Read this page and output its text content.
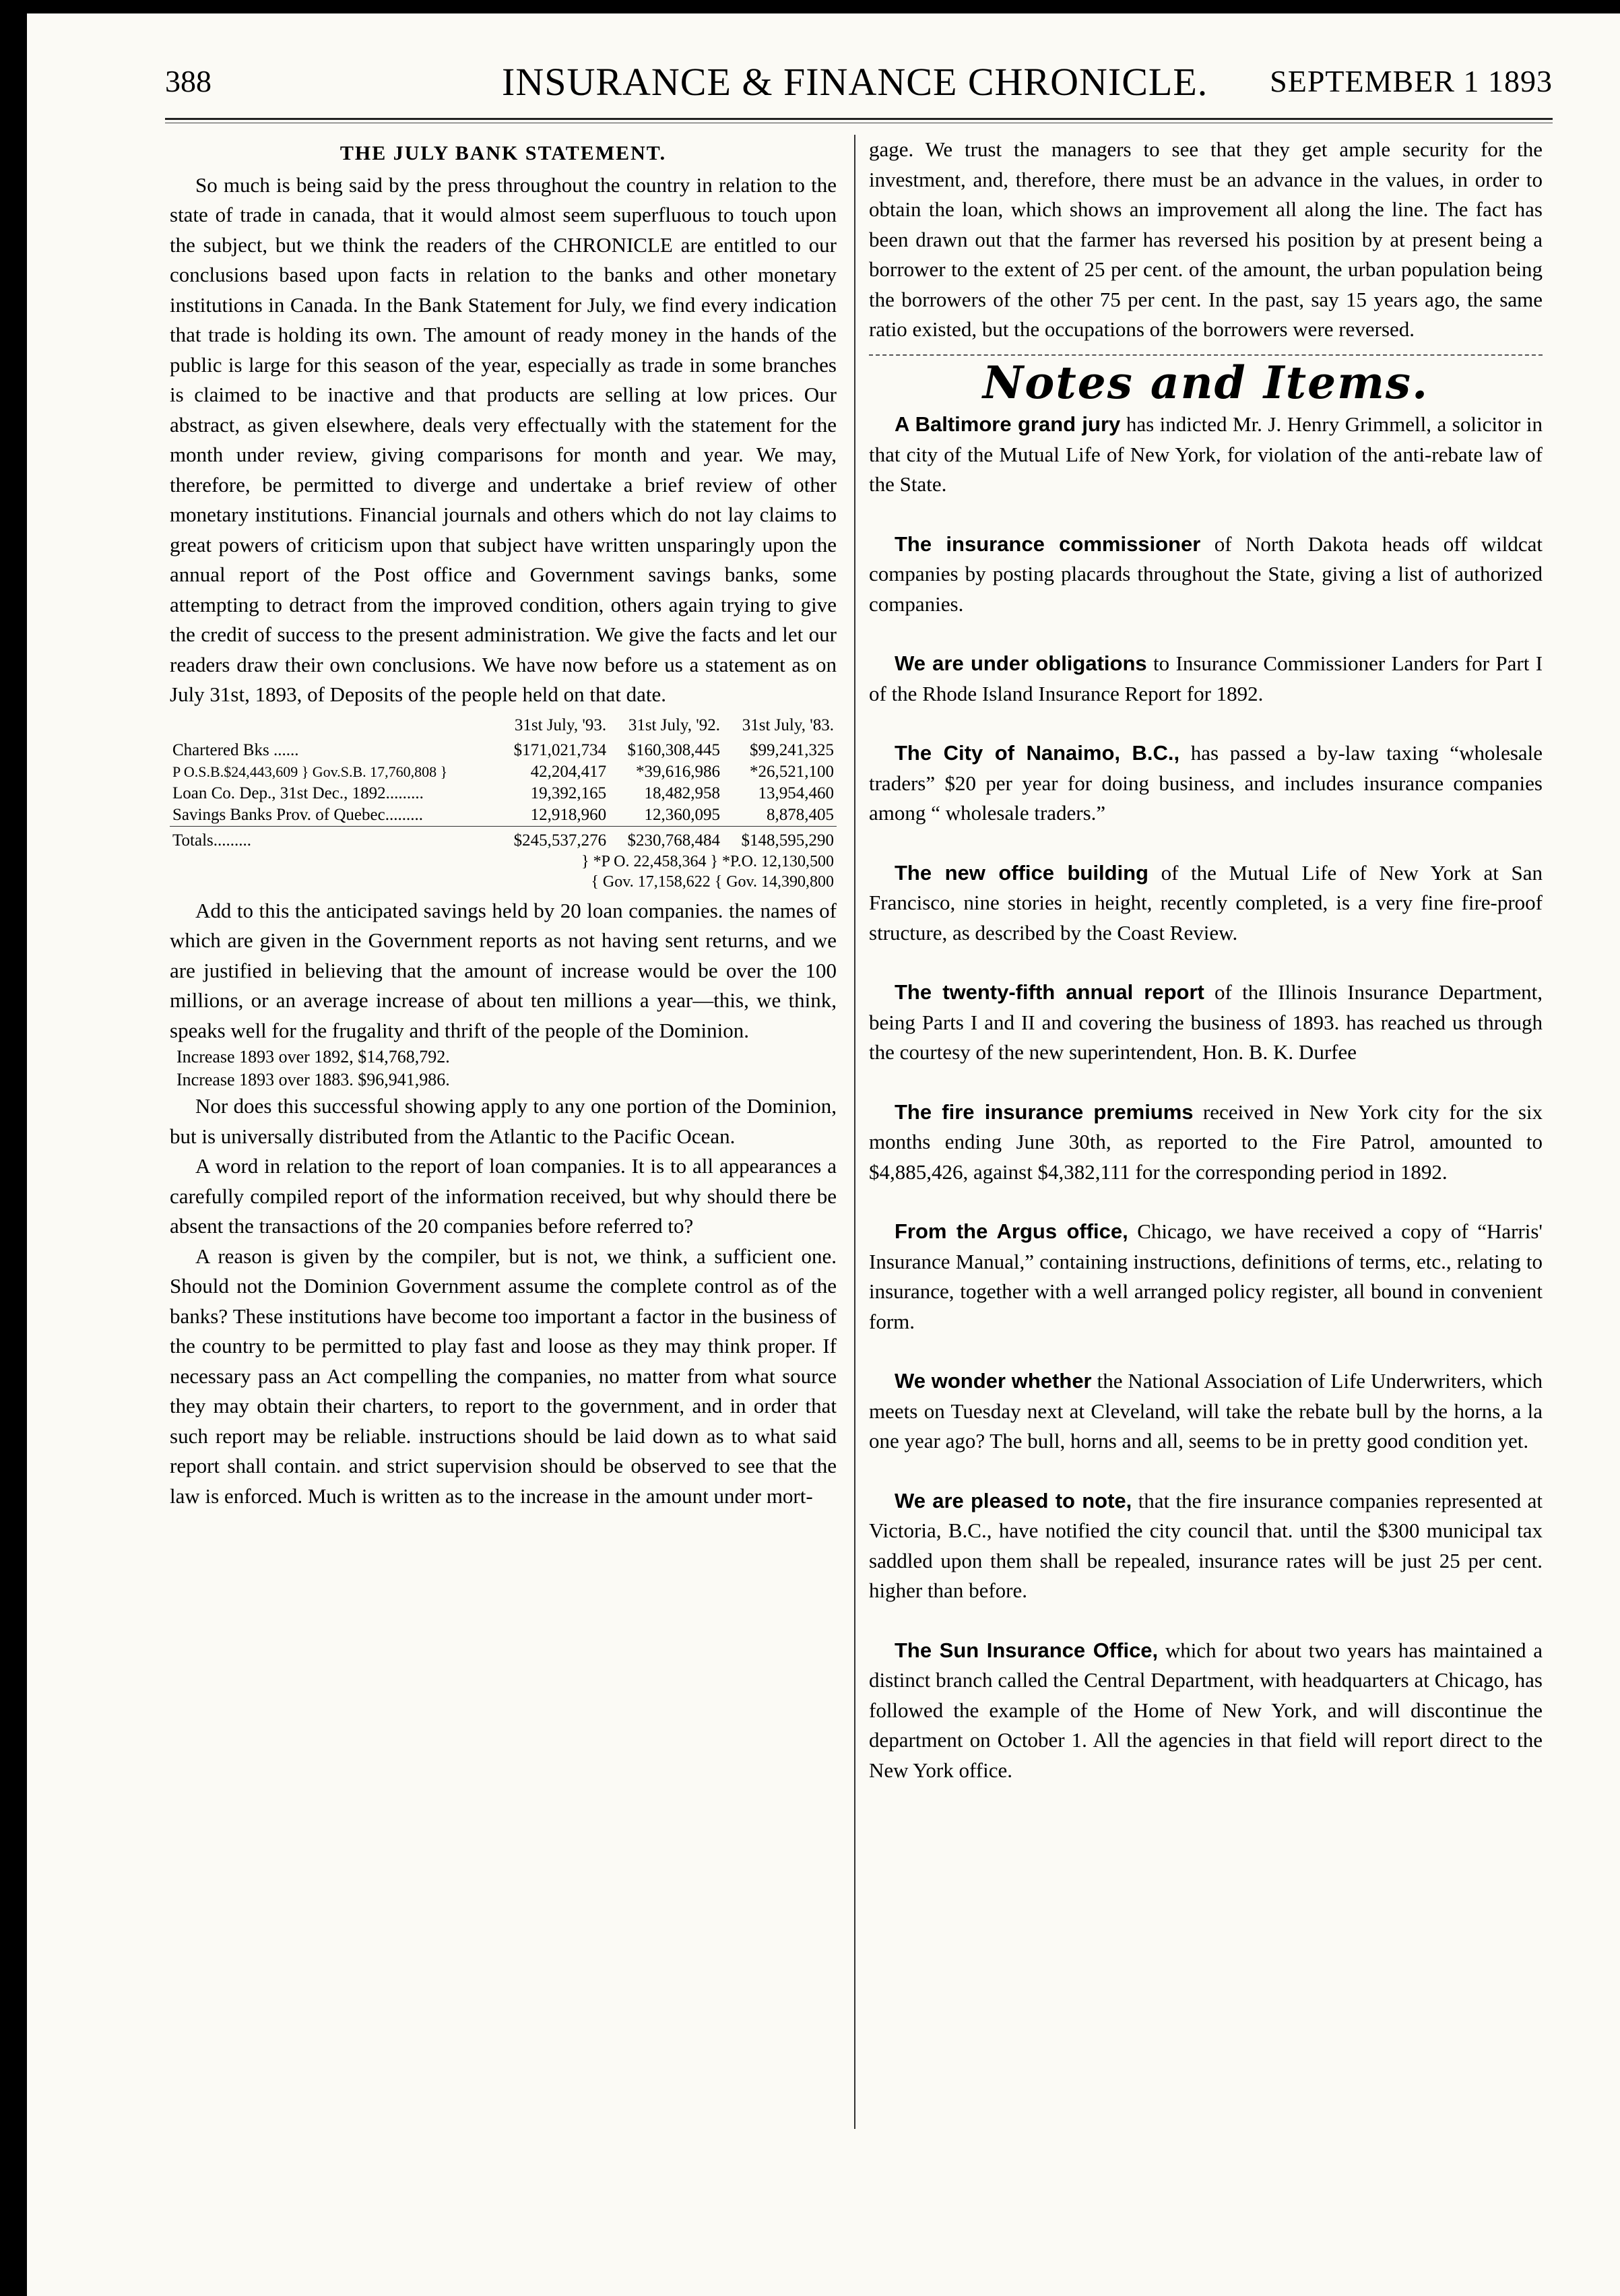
388	INSURANCE & FINANCE CHRONICLE. SEPTEMBER 1 1893
THE JULY BANK STATEMENT.

So much is being said by the press throughout the country in relation to the state of trade in canada, that it would almost seem superfluous to touch upon the subject, but we think the readers of the CHRONICLE are entitled to our conclusions based upon facts in relation to the banks and other monetary institutions in Canada. In the Bank Statement for July, we find every indication that trade is holding its own. The amount of ready money in the hands of the public is large for this season of the year, especially as trade in some branches is claimed to be inactive and that products are selling at low prices. Our abstract, as given elsewhere, deals very effectually with the statement for the month under review, giving comparisons for month and year. We may, therefore, be permitted to diverge and undertake a brief review of other monetary institutions. Financial journals and others which do not lay claims to great powers of criticism upon that subject have written unsparingly upon the annual report of the Post office and Government savings banks, some attempting to detract from the improved condition, others again trying to give the credit of success to the present administration. We give the facts and let our readers draw their own conclusions. We have now before us a statement as on July 31st, 1893, of Deposits of the people held on that date.

	31st July, '93.	31st July, '92.	31st July, '83.
Chartered Bks ......	$171,021,734	$160,308,445	$99,241,325
P O.S.B.$24,443,609 } Gov.S.B. 17,760,808 }	42,204,417	*39,616,986	*26,521,100
Loan Co. Dep., 31st Dec., 1892.........	19,392,165	18,482,958	13,954,460
Savings Banks Prov. of Quebec.........	12,918,960	12,360,095	8,878,405
Totals.........	$245,537,276	$230,768,484	$148,595,290
	} *P O. 22,458,364 } *P.O. 12,130,500		
	{ Gov. 17,158,622 { Gov. 14,390,800		

Add to this the anticipated savings held by 20 loan companies. the names of which are given in the Government reports as not having sent returns, and we are justified in believing that the amount of increase would be over the 100 millions, or an average increase of about ten millions a year—this, we think, speaks well for the frugality and thrift of the people of the Dominion.

Increase 1893 over 1892, $14,768,792.
Increase 1893 over 1883. $96,941,986.

Nor does this successful showing apply to any one portion of the Dominion, but is universally distributed from the Atlantic to the Pacific Ocean.

A word in relation to the report of loan companies. It is to all appearances a carefully compiled report of the information received, but why should there be absent the transactions of the 20 companies before referred to?

A reason is given by the compiler, but is not, we think, a sufficient one. Should not the Dominion Government assume the complete control as of the banks? These institutions have become too important a factor in the business of the country to be permitted to play fast and loose as they may think proper. If necessary pass an Act compelling the companies, no matter from what source they may obtain their charters, to report to the government, and in order that such report may be reliable. instructions should be laid down as to what said report shall contain. and strict supervision should be observed to see that the law is enforced. Much is written as to the increase in the amount under mort-

gage. We trust the managers to see that they get ample security for the investment, and, therefore, there must be an advance in the values, in order to obtain the loan, which shows an improvement all along the line. The fact has been drawn out that the farmer has reversed his position by at present being a borrower to the extent of 25 per cent. of the amount, the urban population being the borrowers of the other 75 per cent. In the past, say 15 years ago, the same ratio existed, but the occupations of the borrowers were reversed.

Notes and Items.

A Baltimore grand jury has indicted Mr. J. Henry Grimmell, a solicitor in that city of the Mutual Life of New York, for violation of the anti-rebate law of the State.

The insurance commissioner of North Dakota heads off wildcat companies by posting placards throughout the State, giving a list of authorized companies.

We are under obligations to Insurance Commissioner Landers for Part I of the Rhode Island Insurance Report for 1892.

The City of Nanaimo, B.C., has passed a by-law taxing “wholesale traders” $20 per year for doing business, and includes insurance companies among “ wholesale traders.”

The new office building of the Mutual Life of New York at San Francisco, nine stories in height, recently completed, is a very fine fire-proof structure, as described by the Coast Review.

The twenty-fifth annual report of the Illinois Insurance Department, being Parts I and II and covering the business of 1893. has reached us through the courtesy of the new superintendent, Hon. B. K. Durfee

The fire insurance premiums received in New York city for the six months ending June 30th, as reported to the Fire Patrol, amounted to $4,885,426, against $4,382,111 for the corresponding period in 1892.

From the Argus office, Chicago, we have received a copy of “Harris' Insurance Manual,” containing instructions, definitions of terms, etc., relating to insurance, together with a well arranged policy register, all bound in convenient form.

We wonder whether the National Association of Life Underwriters, which meets on Tuesday next at Cleveland, will take the rebate bull by the horns, a la one year ago? The bull, horns and all, seems to be in pretty good condition yet.

We are pleased to note, that the fire insurance companies represented at Victoria, B.C., have notified the city council that. until the $300 municipal tax saddled upon them shall be repealed, insurance rates will be just 25 per cent. higher than before.

The Sun Insurance Office, which for about two years has maintained a distinct branch called the Central Department, with headquarters at Chicago, has followed the example of the Home of New York, and will discontinue the department on October 1. All the agencies in that field will report direct to the New York office.
